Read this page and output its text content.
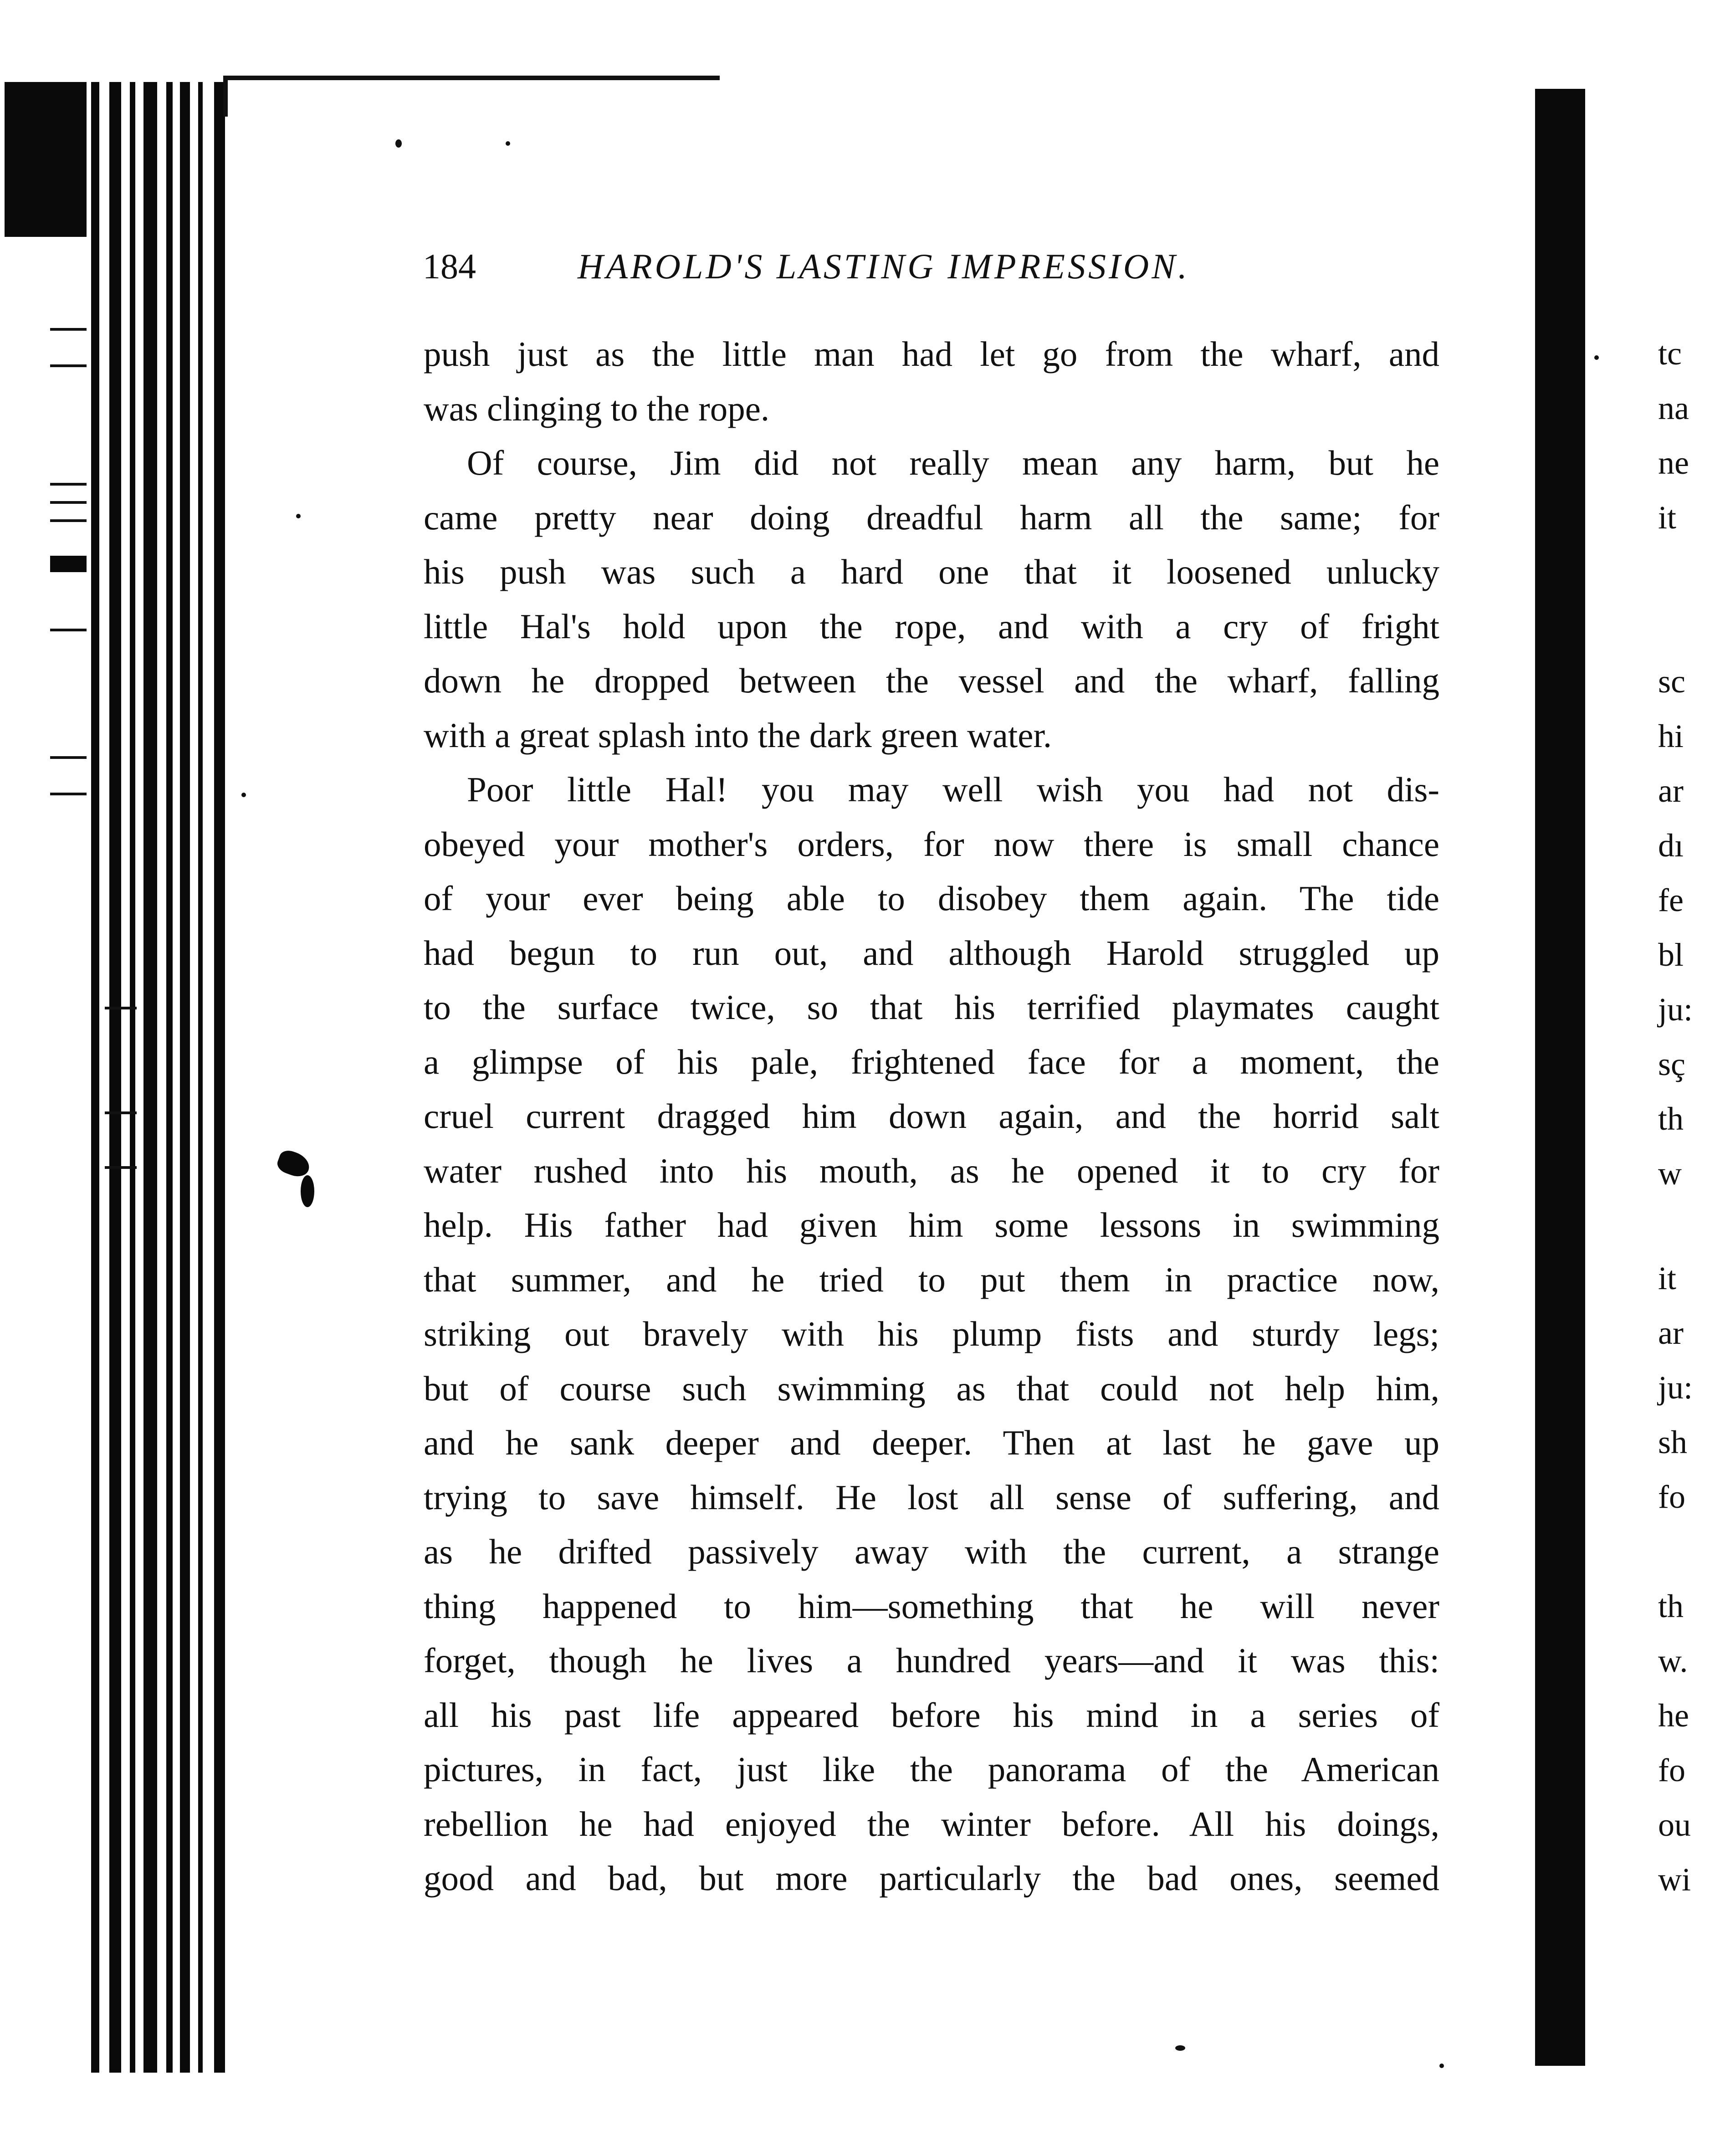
184	HAROLD'S LASTING IMPRESSION.
push just as the little man had let go from the wharf, and
was clinging to the rope.
Of course, Jim did not really mean any harm, but he
came pretty near doing dreadful harm all the same; for
his push was such a hard one that it loosened unlucky
little Hal's hold upon the rope, and with a cry of fright
down he dropped between the vessel and the wharf, falling
with a great splash into the dark green water.
Poor little Hal! you may well wish you had not dis-
obeyed your mother's orders, for now there is small chance
of your ever being able to disobey them again. The tide
had begun to run out, and although Harold struggled up
to the surface twice, so that his terrified playmates caught
a glimpse of his pale, frightened face for a moment, the
cruel current dragged him down again, and the horrid salt
water rushed into his mouth, as he opened it to cry for
help. His father had given him some lessons in swimming
that summer, and he tried to put them in practice now,
striking out bravely with his plump fists and sturdy legs;
but of course such swimming as that could not help him,
and he sank deeper and deeper. Then at last he gave up
trying to save himself. He lost all sense of suffering, and
as he drifted passively away with the current, a strange
thing happened to him—something that he will never
forget, though he lives a hundred years—and it was this:
all his past life appeared before his mind in a series of
pictures, in fact, just like the panorama of the American
rebellion he had enjoyed the winter before. All his doings,
good and bad, but more particularly the bad ones, seemed
tc
na
ne
it
sc
hi
ar
dı
fe
bl
ju:
sç
th
w
it
ar
ju:
sh
fo
th
w.
he
fo
ou
wi
